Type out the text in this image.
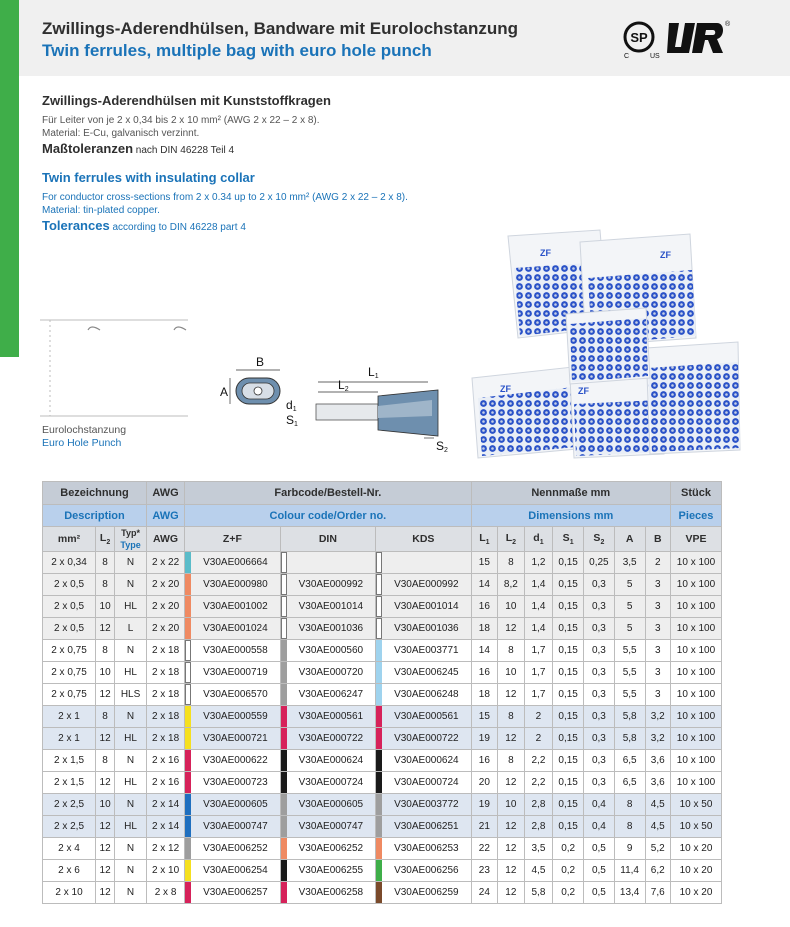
Zwillings-Aderendhülsen, Bandware mit Eurolochstanzung
Twin ferrules, multiple bag with euro hole punch
SP
C	US
®
Zwillings-Aderendhülsen mit Kunststoffkragen
Für Leiter von je 2 x 0,34 bis 2 x 10 mm² (AWG 2 x 22 – 2 x 8).
Material: E-Cu, galvanisch verzinnt.
Maßtoleranzen nach DIN 46228 Teil 4
Twin ferrules with insulating collar
For conductor cross-sections from 2 x 0.34 up to 2 x 10 mm² (AWG 2 x 22 – 2 x 8).
Material: tin-plated copper.
Tolerances according to DIN 46228 part 4
Eurolochstanzung
Euro Hole Punch
B
A
L1
L2
d1
S1
S2
ZF	ZF
ZF	ZF
Bezeichnung			AWG	Farbcode/Bestell-Nr.			Nennmaße mm							Stück
Description			AWG	Colour code/Order no.			Dimensions mm							Pieces
mm²	$L_2$	Typ*
Type	AWG	Z+F	DIN	KDS	$L_1$	$L_2$	$d_1$	$S_1$	$S_2$	A	B	VPE
2 x 0,34	8	N	2 x 22	V30AE006664			15	8	1,2	0,15	0,25	3,5	2	10 x 100
2 x 0,5	8	N	2 x 20	V30AE000980	V30AE000992	V30AE000992	14	8,2	1,4	0,15	0,3	5	3	10 x 100
2 x 0,5	10	HL	2 x 20	V30AE001002	V30AE001014	V30AE001014	16	10	1,4	0,15	0,3	5	3	10 x 100
2 x 0,5	12	L	2 x 20	V30AE001024	V30AE001036	V30AE001036	18	12	1,4	0,15	0,3	5	3	10 x 100
2 x 0,75	8	N	2 x 18	V30AE000558	V30AE000560	V30AE003771	14	8	1,7	0,15	0,3	5,5	3	10 x 100
2 x 0,75	10	HL	2 x 18	V30AE000719	V30AE000720	V30AE006245	16	10	1,7	0,15	0,3	5,5	3	10 x 100
2 x 0,75	12	HLS	2 x 18	V30AE006570	V30AE006247	V30AE006248	18	12	1,7	0,15	0,3	5,5	3	10 x 100
2 x 1	8	N	2 x 18	V30AE000559	V30AE000561	V30AE000561	15	8	2	0,15	0,3	5,8	3,2	10 x 100
2 x 1	12	HL	2 x 18	V30AE000721	V30AE000722	V30AE000722	19	12	2	0,15	0,3	5,8	3,2	10 x 100
2 x 1,5	8	N	2 x 16	V30AE000622	V30AE000624	V30AE000624	16	8	2,2	0,15	0,3	6,5	3,6	10 x 100
2 x 1,5	12	HL	2 x 16	V30AE000723	V30AE000724	V30AE000724	20	12	2,2	0,15	0,3	6,5	3,6	10 x 100
2 x 2,5	10	N	2 x 14	V30AE000605	V30AE000605	V30AE003772	19	10	2,8	0,15	0,4	8	4,5	10 x 50
2 x 2,5	12	HL	2 x 14	V30AE000747	V30AE000747	V30AE006251	21	12	2,8	0,15	0,4	8	4,5	10 x 50
2 x 4	12	N	2 x 12	V30AE006252	V30AE006252	V30AE006253	22	12	3,5	0,2	0,5	9	5,2	10 x 20
2 x 6	12	N	2 x 10	V30AE006254	V30AE006255	V30AE006256	23	12	4,5	0,2	0,5	11,4	6,2	10 x 20
2 x 10	12	N	2 x 8	V30AE006257	V30AE006258	V30AE006259	24	12	5,8	0,2	0,5	13,4	7,6	10 x 20
